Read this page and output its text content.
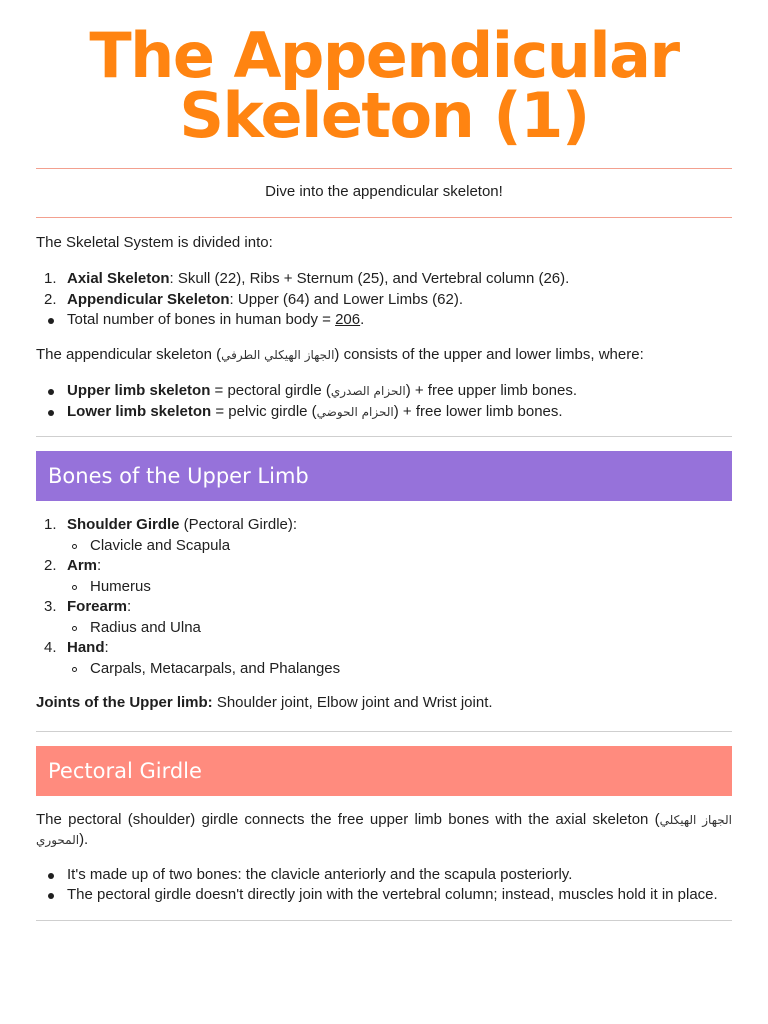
The Appendicular
Skeleton (1)
Dive into the appendicular skeleton!

The Skeletal System is divided into:

1. Axial Skeleton: Skull (22), Ribs + Sternum (25), and Vertebral column (26).
2. Appendicular Skeleton: Upper (64) and Lower Limbs (62).
Total number of bones in human body = 206.

The appendicular skeleton (الجهاز الهيكلي الطرفي) consists of the upper and lower limbs, where:

Upper limb skeleton = pectoral girdle (الحزام الصدري) + free upper limb bones.
Lower limb skeleton = pelvic girdle (الحزام الحوضي) + free lower limb bones.
Bones of the Upper Limb
1. Shoulder Girdle (Pectoral Girdle):
Clavicle and Scapula
2. Arm:
Humerus
3. Forearm:
Radius and Ulna
4. Hand:
Carpals, Metacarpals, and Phalanges

Joints of the Upper limb: Shoulder joint, Elbow joint and Wrist joint.

Pectoral Girdle

The pectoral (shoulder) girdle connects the free upper limb bones with the axial skeleton (الجهاز الهيكلي المحوري).

It's made up of two bones: the clavicle anteriorly and the scapula posteriorly.
The pectoral girdle doesn't directly join with the vertebral column; instead, muscles hold it in place.
